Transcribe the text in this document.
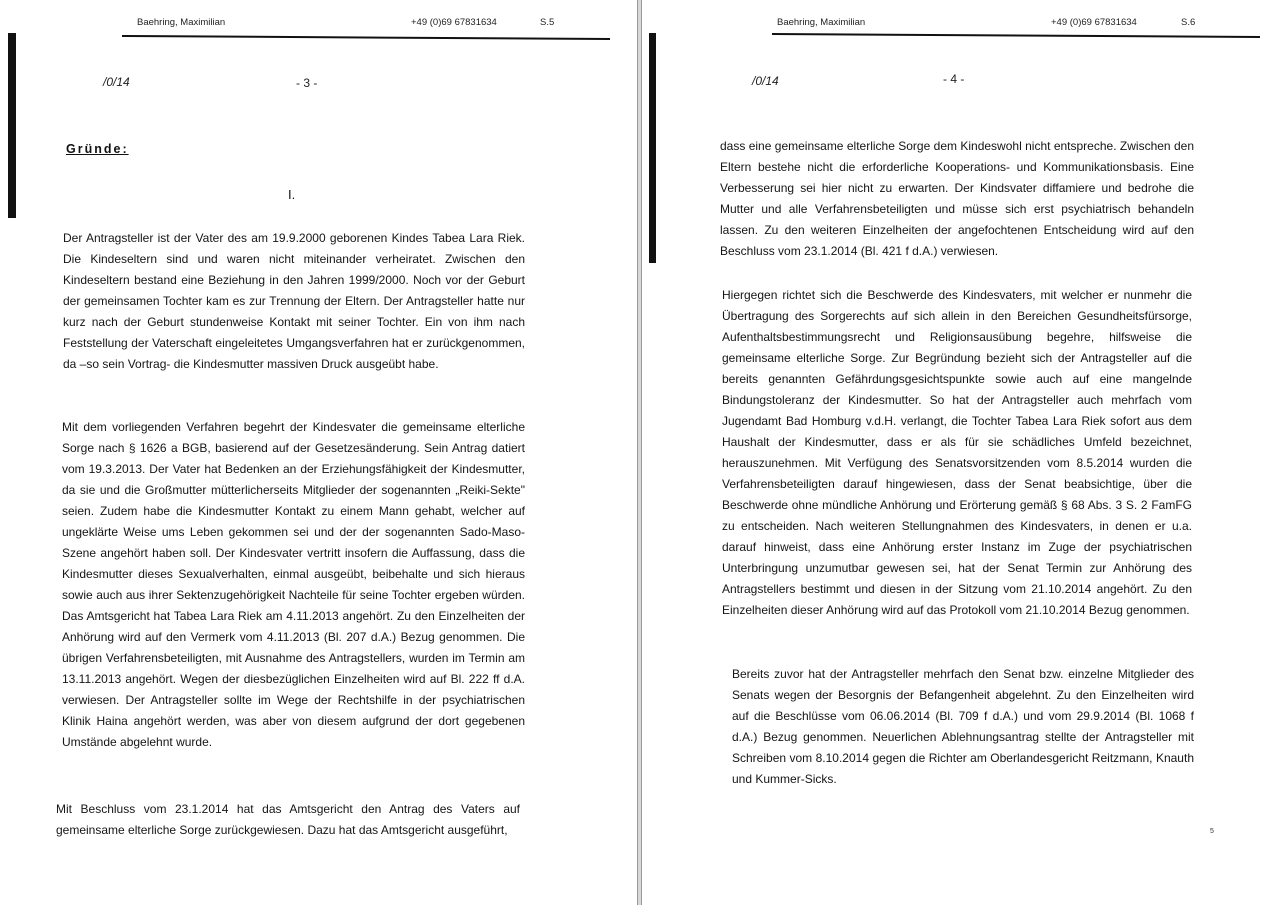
Baehring, Maximilian	+49 (0)69 67831634	S.5
/0/14	- 3 -
Gründe:
I.
Der Antragsteller ist der Vater des am 19.9.2000 geborenen Kindes Tabea Lara Riek. Die Kindeseltern sind und waren nicht miteinander verheiratet. Zwischen den Kindeseltern bestand eine Beziehung in den Jahren 1999/2000. Noch vor der Geburt der gemeinsamen Tochter kam es zur Trennung der Eltern. Der Antragsteller hatte nur kurz nach der Geburt stundenweise Kontakt mit seiner Tochter. Ein von ihm nach Feststellung der Vaterschaft eingeleitetes Umgangsverfahren hat er zurückgenommen, da –so sein Vortrag- die Kindesmutter massiven Druck ausgeübt habe.
Mit dem vorliegenden Verfahren begehrt der Kindesvater die gemeinsame elterliche Sorge nach § 1626 a BGB, basierend auf der Gesetzesänderung. Sein Antrag datiert vom 19.3.2013. Der Vater hat Bedenken an der Erziehungsfähigkeit der Kindesmutter, da sie und die Großmutter mütterlicherseits Mitglieder der sogenannten „Reiki-Sekte" seien. Zudem habe die Kindesmutter Kontakt zu einem Mann gehabt, welcher auf ungeklärte Weise ums Leben gekommen sei und der der sogenannten Sado-Maso-Szene angehört haben soll. Der Kindesvater vertritt insofern die Auffassung, dass die Kindesmutter dieses Sexualverhalten, einmal ausgeübt, beibehalte und sich hieraus sowie auch aus ihrer Sektenzugehörigkeit Nachteile für seine Tochter ergeben würden. Das Amtsgericht hat Tabea Lara Riek am 4.11.2013 angehört. Zu den Einzelheiten der Anhörung wird auf den Vermerk vom 4.11.2013 (Bl. 207 d.A.) Bezug genommen. Die übrigen Verfahrensbeteiligten, mit Ausnahme des Antragstellers, wurden im Termin am 13.11.2013 angehört. Wegen der diesbezüglichen Einzelheiten wird auf Bl. 222 ff d.A. verwiesen. Der Antragsteller sollte im Wege der Rechtshilfe in der psychiatrischen Klinik Haina angehört werden, was aber von diesem aufgrund der dort gegebenen Umstände abgelehnt wurde.
Mit Beschluss vom 23.1.2014 hat das Amtsgericht den Antrag des Vaters auf gemeinsame elterliche Sorge zurückgewiesen. Dazu hat das Amtsgericht ausgeführt,
Baehring, Maximilian	+49 (0)69 67831634	S.6
/0/14	- 4 -
dass eine gemeinsame elterliche Sorge dem Kindeswohl nicht entspreche. Zwischen den Eltern bestehe nicht die erforderliche Kooperations- und Kommunikationsbasis. Eine Verbesserung sei hier nicht zu erwarten. Der Kindsvater diffamiere und bedrohe die Mutter und alle Verfahrensbeteiligten und müsse sich erst psychiatrisch behandeln lassen. Zu den weiteren Einzelheiten der angefochtenen Entscheidung wird auf den Beschluss vom 23.1.2014 (Bl. 421 f d.A.) verwiesen.
Hiergegen richtet sich die Beschwerde des Kindesvaters, mit welcher er nunmehr die Übertragung des Sorgerechts auf sich allein in den Bereichen Gesundheitsfürsorge, Aufenthaltsbestimmungsrecht und Religionsausübung begehre, hilfsweise die gemeinsame elterliche Sorge. Zur Begründung bezieht sich der Antragsteller auf die bereits genannten Gefährdungsgesichtspunkte sowie auch auf eine mangelnde Bindungstoleranz der Kindesmutter. So hat der Antragsteller auch mehrfach vom Jugendamt Bad Homburg v.d.H. verlangt, die Tochter Tabea Lara Riek sofort aus dem Haushalt der Kindesmutter, dass er als für sie schädliches Umfeld bezeichnet, herauszunehmen. Mit Verfügung des Senatsvorsitzenden vom 8.5.2014 wurden die Verfahrensbeteiligten darauf hingewiesen, dass der Senat beabsichtige, über die Beschwerde ohne mündliche Anhörung und Erörterung gemäß § 68 Abs. 3 S. 2 FamFG zu entscheiden. Nach weiteren Stellungnahmen des Kindesvaters, in denen er u.a. darauf hinweist, dass eine Anhörung erster Instanz im Zuge der psychiatrischen Unterbringung unzumutbar gewesen sei, hat der Senat Termin zur Anhörung des Antragstellers bestimmt und diesen in der Sitzung vom 21.10.2014 angehört. Zu den Einzelheiten dieser Anhörung wird auf das Protokoll vom 21.10.2014 Bezug genommen.
Bereits zuvor hat der Antragsteller mehrfach den Senat bzw. einzelne Mitglieder des Senats wegen der Besorgnis der Befangenheit abgelehnt. Zu den Einzelheiten wird auf die Beschlüsse vom 06.06.2014 (Bl. 709 f d.A.) und vom 29.9.2014 (Bl. 1068 f d.A.) Bezug genommen. Neuerlichen Ablehnungsantrag stellte der Antragsteller mit Schreiben vom 8.10.2014 gegen die Richter am Oberlandesgericht Reitzmann, Knauth und Kummer-Sicks.
5
